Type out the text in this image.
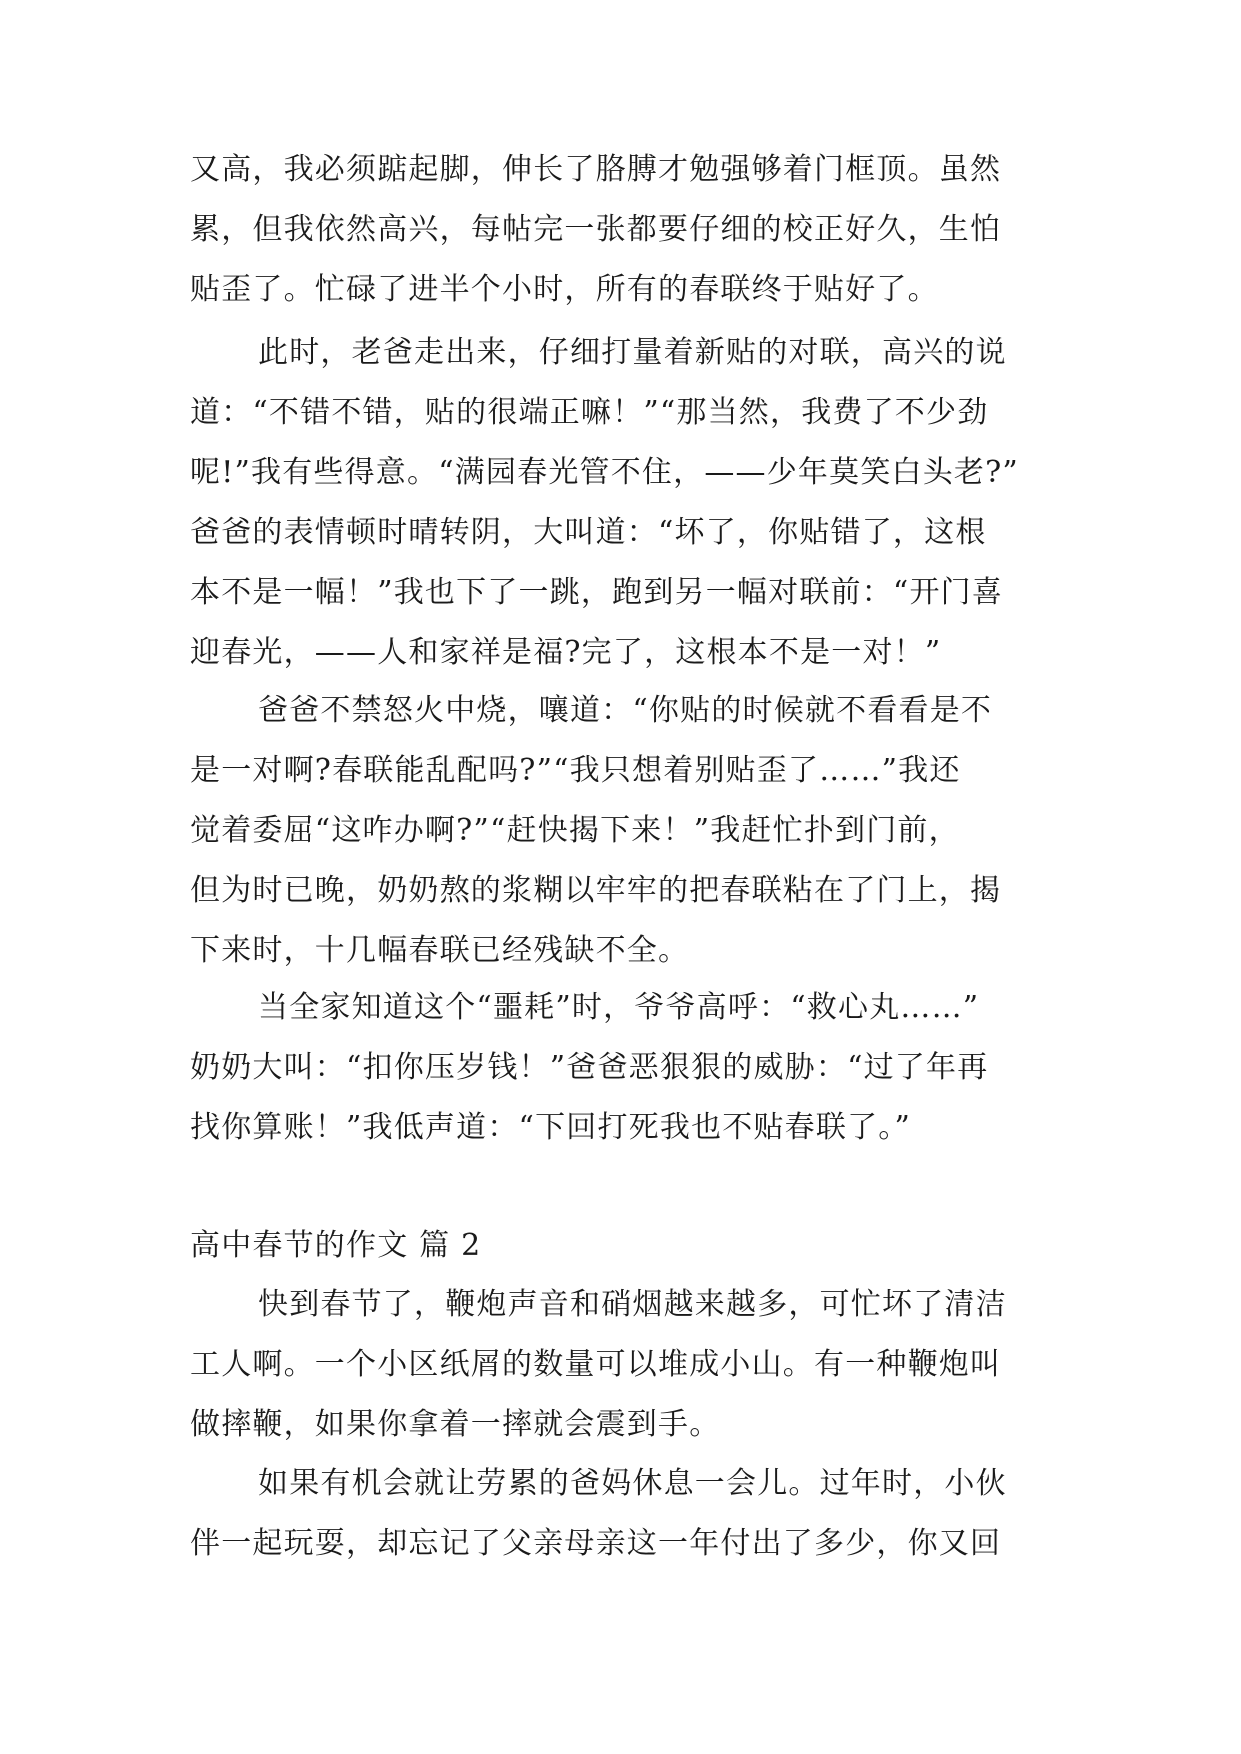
又高，我必须踮起脚，伸长了胳膊才勉强够着门框顶。虽然
累，但我依然高兴，每帖完一张都要仔细的校正好久，生怕
贴歪了。忙碌了进半个小时，所有的春联终于贴好了。
此时，老爸走出来，仔细打量着新贴的对联，高兴的说
道：“不错不错，贴的很端正嘛！”“那当然，我费了不少劲
呢!”我有些得意。“满园春光管不住，——少年莫笑白头老?”
爸爸的表情顿时晴转阴，大叫道：“坏了，你贴错了，这根
本不是一幅！”我也下了一跳，跑到另一幅对联前：“开门喜
迎春光，——人和家祥是福?完了，这根本不是一对！”
爸爸不禁怒火中烧，嚷道：“你贴的时候就不看看是不
是一对啊?春联能乱配吗?”“我只想着别贴歪了……”我还
觉着委屈“这咋办啊?”“赶快揭下来！”我赶忙扑到门前，
但为时已晚，奶奶熬的浆糊以牢牢的把春联粘在了门上，揭
下来时，十几幅春联已经残缺不全。
当全家知道这个“噩耗”时，爷爷高呼：“救心丸……”
奶奶大叫：“扣你压岁钱！”爸爸恶狠狠的威胁：“过了年再
找你算账！”我低声道：“下回打死我也不贴春联了。”
高中春节的作文 篇 2
快到春节了，鞭炮声音和硝烟越来越多，可忙坏了清洁
工人啊。一个小区纸屑的数量可以堆成小山。有一种鞭炮叫
做摔鞭，如果你拿着一摔就会震到手。
如果有机会就让劳累的爸妈休息一会儿。过年时，小伙
伴一起玩耍，却忘记了父亲母亲这一年付出了多少，你又回
